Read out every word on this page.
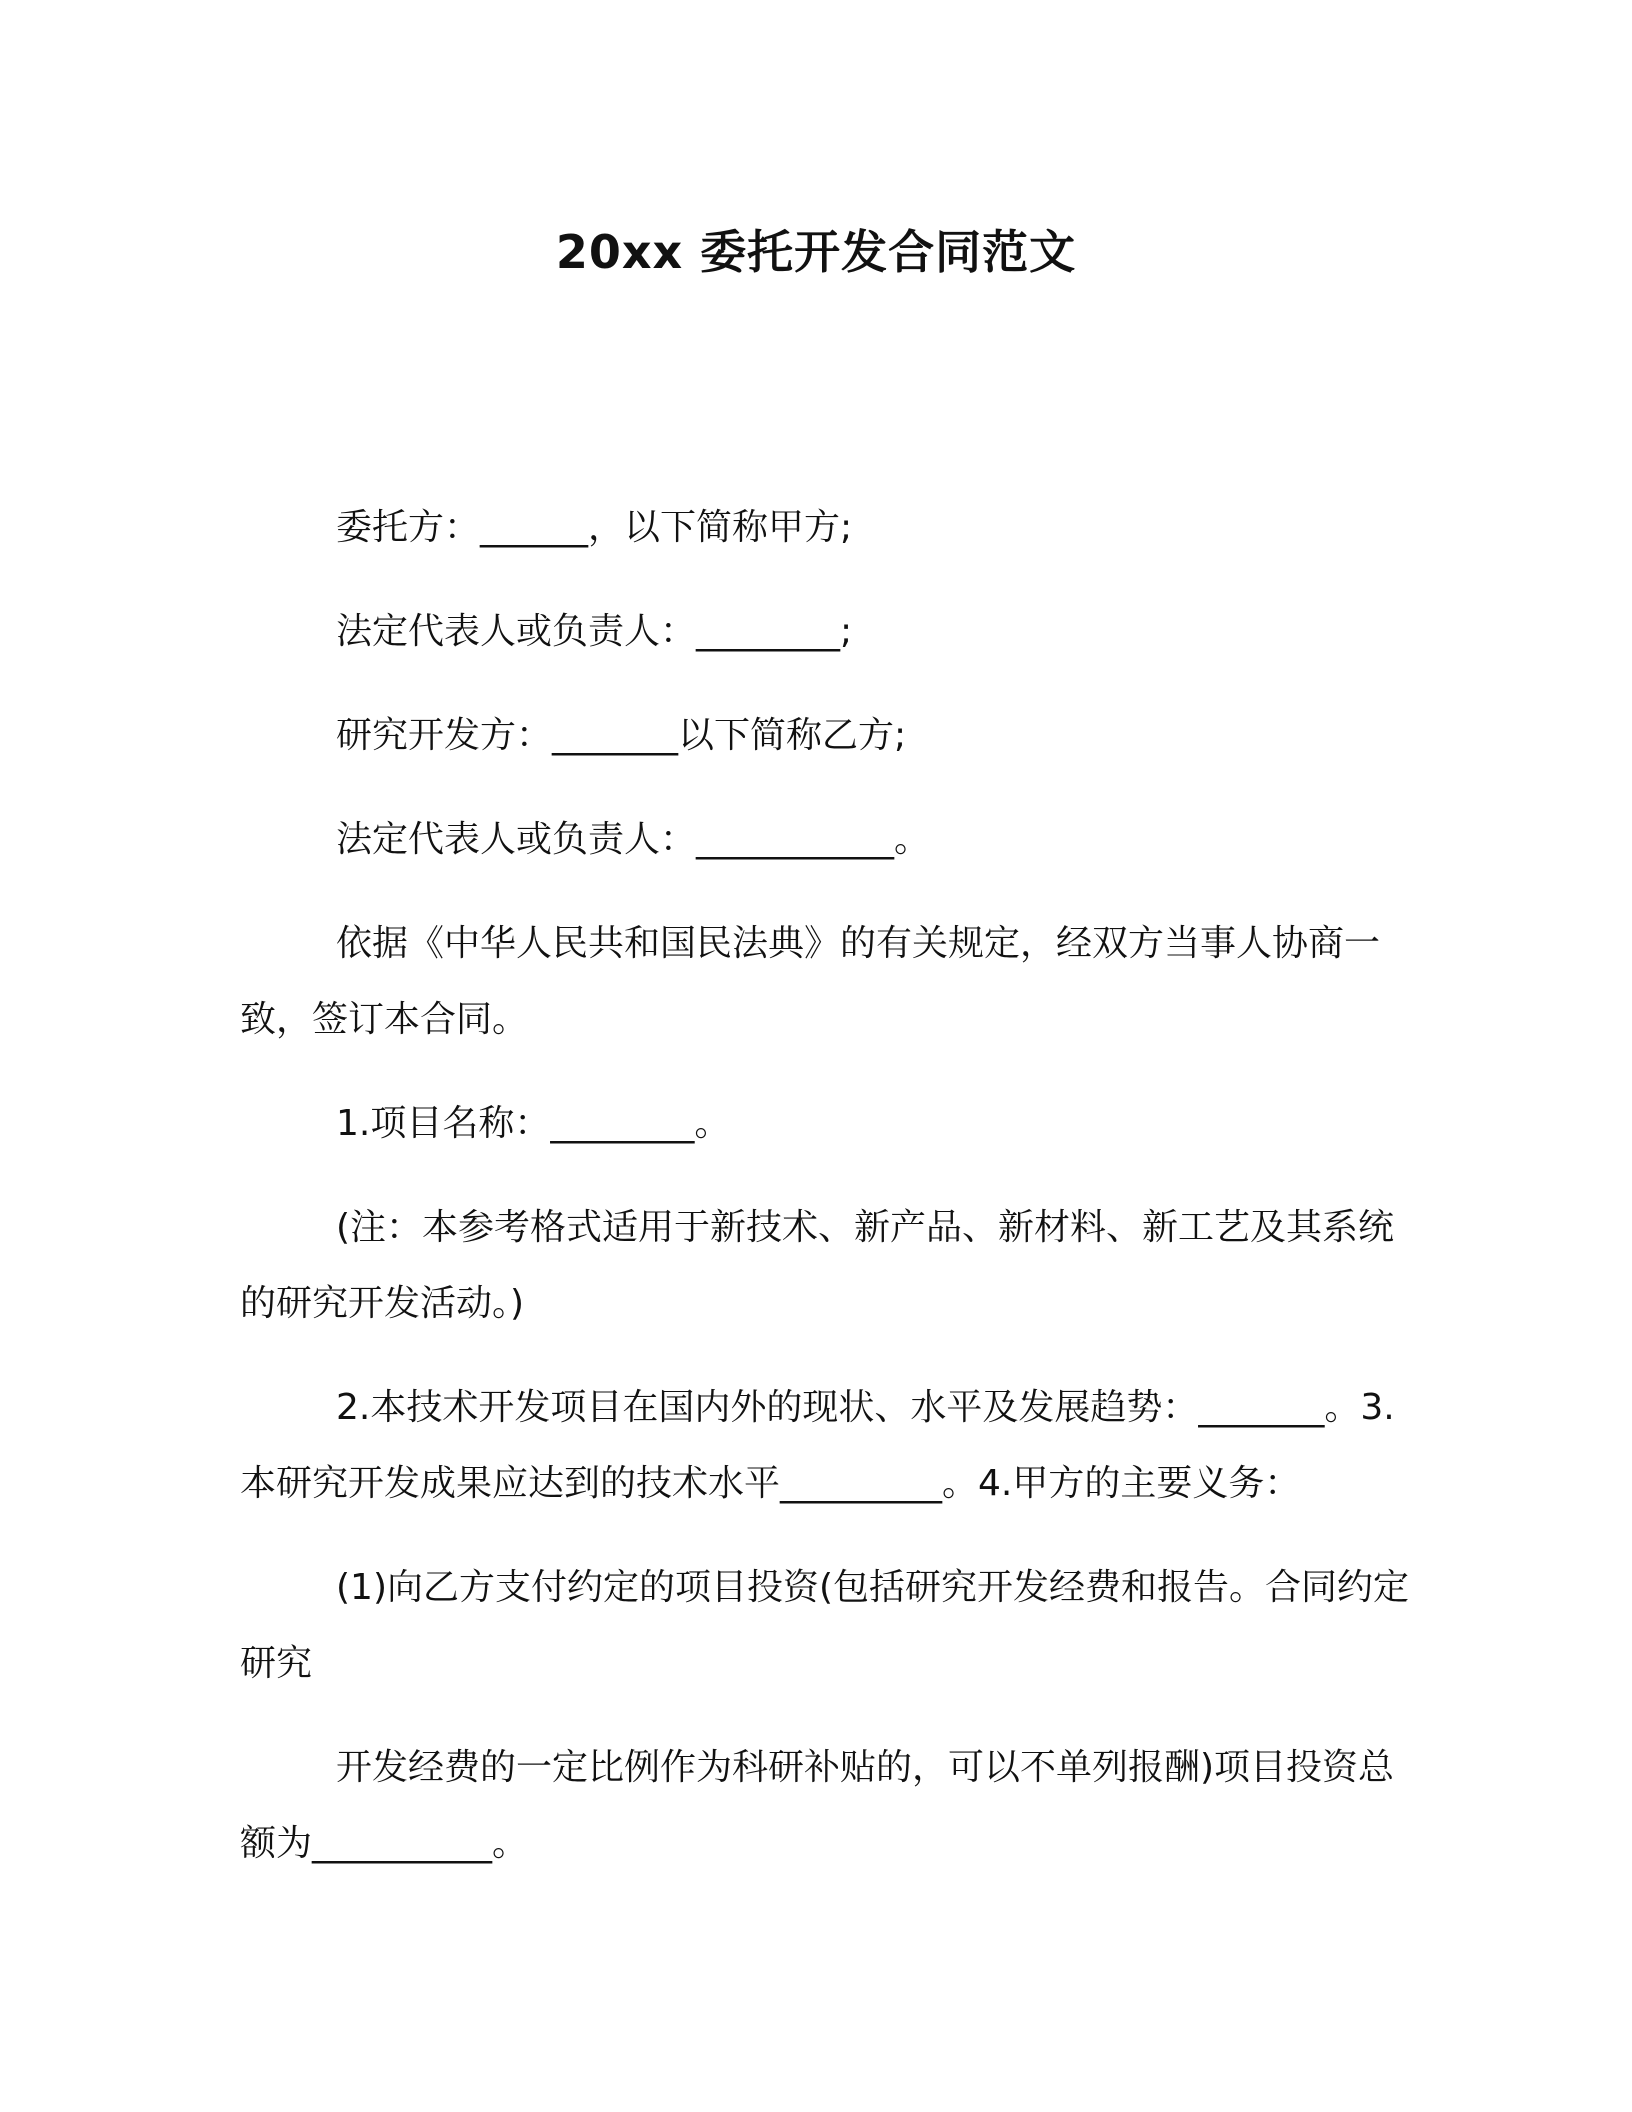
20xx 委托开发合同范文

委托方：______，以下简称甲方;

法定代表人或负责人：________;

研究开发方：_______以下简称乙方;

法定代表人或负责人：___________。

依据《中华人民共和国民法典》的有关规定，经双方当事人协商一致，签订本合同。

1.项目名称：________。

(注：本参考格式适用于新技术、新产品、新材料、新工艺及其系统的研究开发活动。)

2.本技术开发项目在国内外的现状、水平及发展趋势：_______。3.本研究开发成果应达到的技术水平_________。4.甲方的主要义务：

(1)向乙方支付约定的项目投资(包括研究开发经费和报告。合同约定研究

开发经费的一定比例作为科研补贴的，可以不单列报酬)项目投资总额为__________。
